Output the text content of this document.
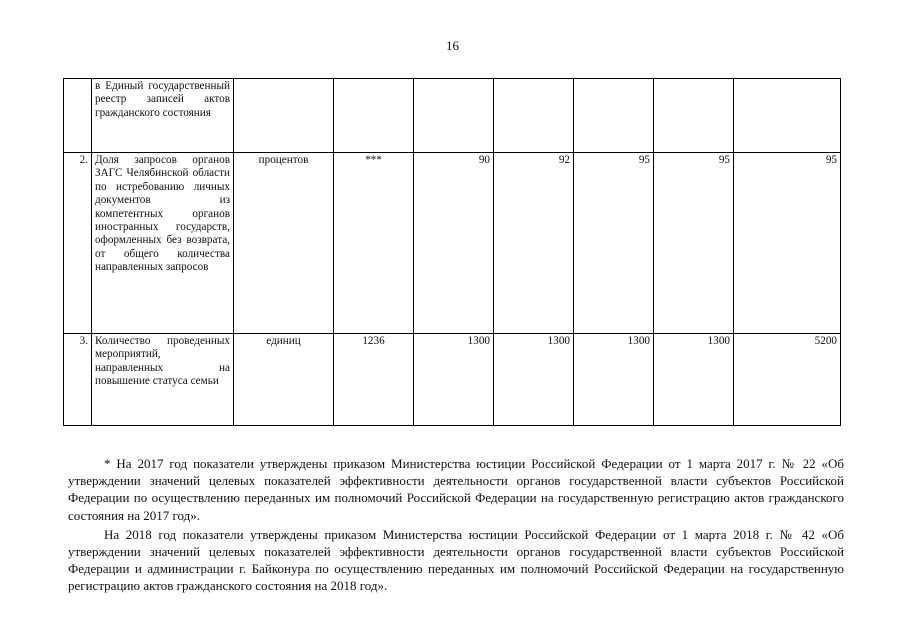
16
	в Единый государственный реестр записей актов гражданского состояния							
2.	Доля запросов органов ЗАГС Челябинской области по истребованию личных документов из компетентных органов иностранных государств, оформленных без возврата, от общего количества направленных запросов	процентов	***	90	92	95	95	95
3.	Количество проведенных мероприятий, направленных на повышение статуса семьи	единиц	1236	1300	1300	1300	1300	5200

* На 2017 год показатели утверждены приказом Министерства юстиции Российской Федерации от 1 марта 2017 г. № 22 «Об утверждении значений целевых показателей эффективности деятельности органов государственной власти субъектов Российской Федерации по осуществлению переданных им полномочий Российской Федерации на государственную регистрацию актов гражданского состояния на 2017 год».

На 2018 год показатели утверждены приказом Министерства юстиции Российской Федерации от 1 марта 2018 г. № 42 «Об утверждении значений целевых показателей эффективности деятельности органов государственной власти субъектов Российской Федерации и администрации г. Байконура по осуществлению переданных им полномочий Российской Федерации на государственную регистрацию актов гражданского состояния на 2018 год».
